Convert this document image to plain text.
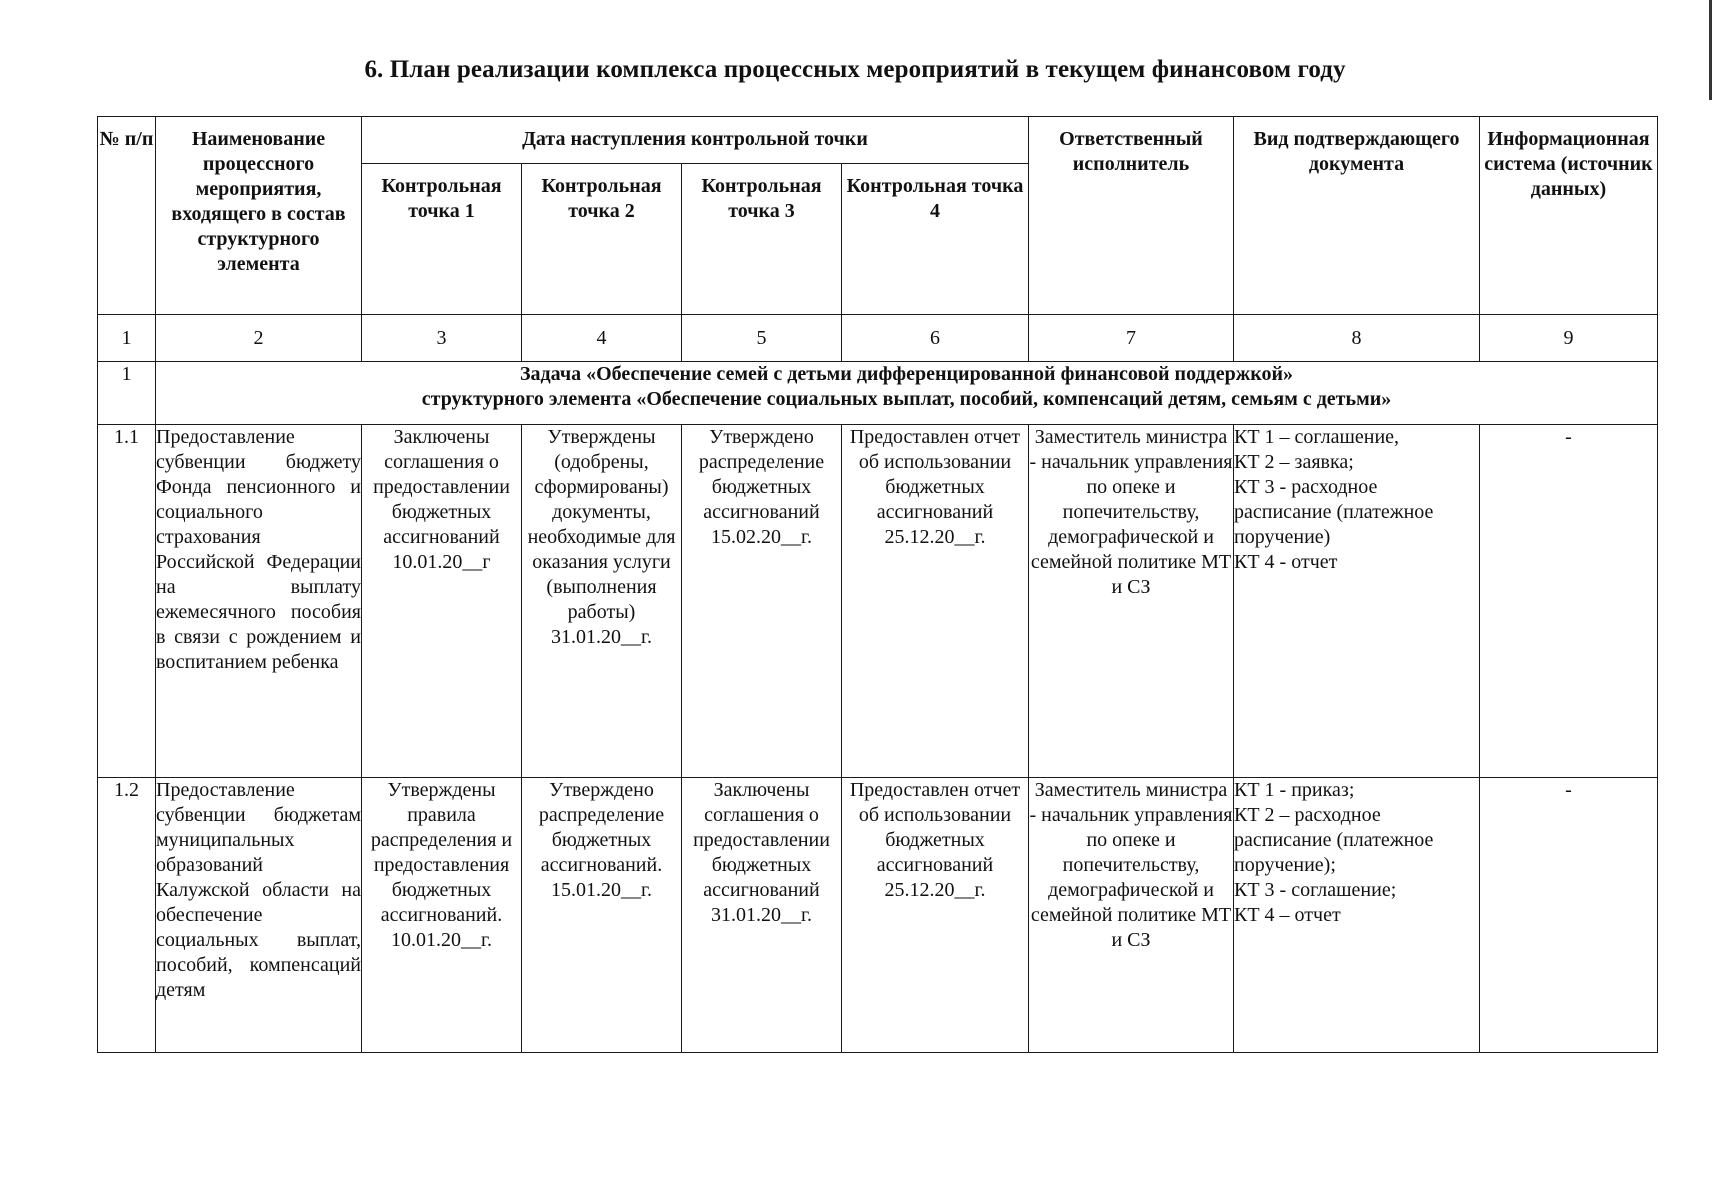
6. План реализации комплекса процессных мероприятий в текущем финансовом году
№ п/п	Наименование процессного мероприятия, входящего в состав структурного элемента	Дата наступления контрольной точки				Ответственный исполнитель	Вид подтверждающего документа	Информационная система (источник данных)
		Контрольная точка 1	Контрольная точка 2	Контрольная точка 3	Контрольная точка 4			
1	2	3	4	5	6	7	8	9
1	Задача «Обеспечение семей с детьми дифференцированной финансовой поддержкой»
структурного элемента «Обеспечение социальных выплат, пособий, компенсаций детям, семьям с детьми»							

1.1	Предоставление субвенции бюджету Фонда пенсионного и социального страхования Российской Федерации на выплату ежемесячного пособия в связи с рождением и воспитанием ребенка	Заключены соглашения о предоставлении бюджетных ассигнований 10.01.20__г	Утверждены (одобрены, сформированы) документы, необходимые для оказания услуги (выполнения работы) 31.01.20__г.	Утверждено распределение бюджетных ассигнований 15.02.20__г.	Предоставлен отчет об использовании бюджетных ассигнований 25.12.20__г.	Заместитель министра - начальник управления по опеке и попечительству, демографической и семейной политике МТ и СЗ	КТ 1 – соглашение,
КТ 2 – заявка;
КТ 3 - расходное расписание (платежное поручение)
КТ 4 - отчет	-
1.2	Предоставление субвенции бюджетам муниципальных образований Калужской области на обеспечение социальных выплат, пособий, компенсаций детям	Утверждены правила распределения и предоставления бюджетных ассигнований. 10.01.20__г.	Утверждено распределение бюджетных ассигнований. 15.01.20__г.	Заключены соглашения о предоставлении бюджетных ассигнований 31.01.20__г.	Предоставлен отчет об использовании бюджетных ассигнований 25.12.20__г.	Заместитель министра - начальник управления по опеке и попечительству, демографической и семейной политике МТ и СЗ	КТ 1 - приказ;
КТ 2 – расходное расписание (платежное поручение);
КТ 3 - соглашение;
КТ 4 – отчет	-
